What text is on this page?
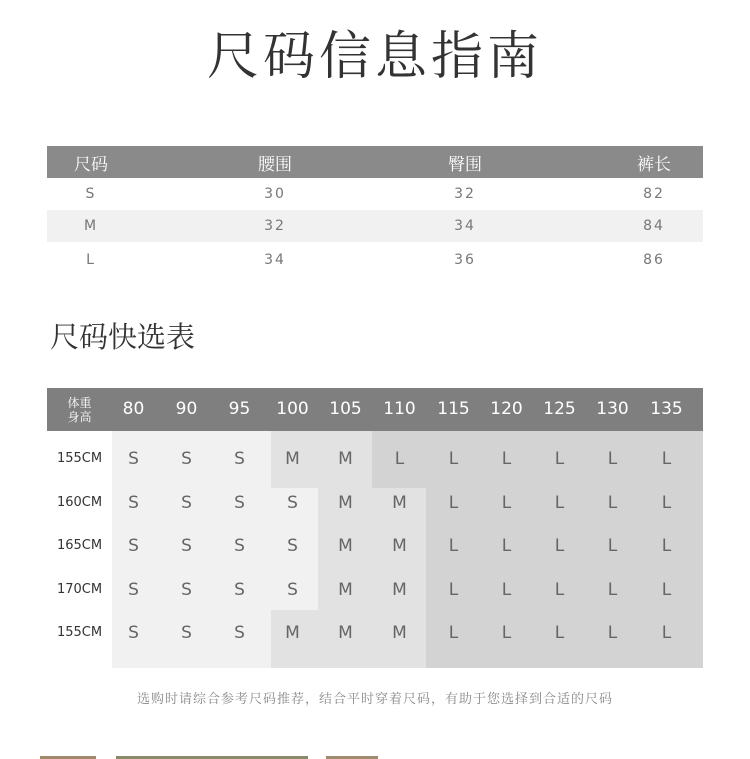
尺码信息指南
尺码	腰围	臀围	裤长
S	30	32	82
M	32	34	84
L	34	36	86
尺码快选表
体重
身高	80	90	95	100	105	110	115	120	125	130	135
155CM	S	S	S	M	M	L	L	L	L	L	L
160CM	S	S	S	S	M	M	L	L	L	L	L
165CM	S	S	S	S	M	M	L	L	L	L	L
170CM	S	S	S	S	M	M	L	L	L	L	L
155CM	S	S	S	M	M	M	L	L	L	L	L
选购时请综合参考尺码推荐，结合平时穿着尺码，有助于您选择到合适的尺码
